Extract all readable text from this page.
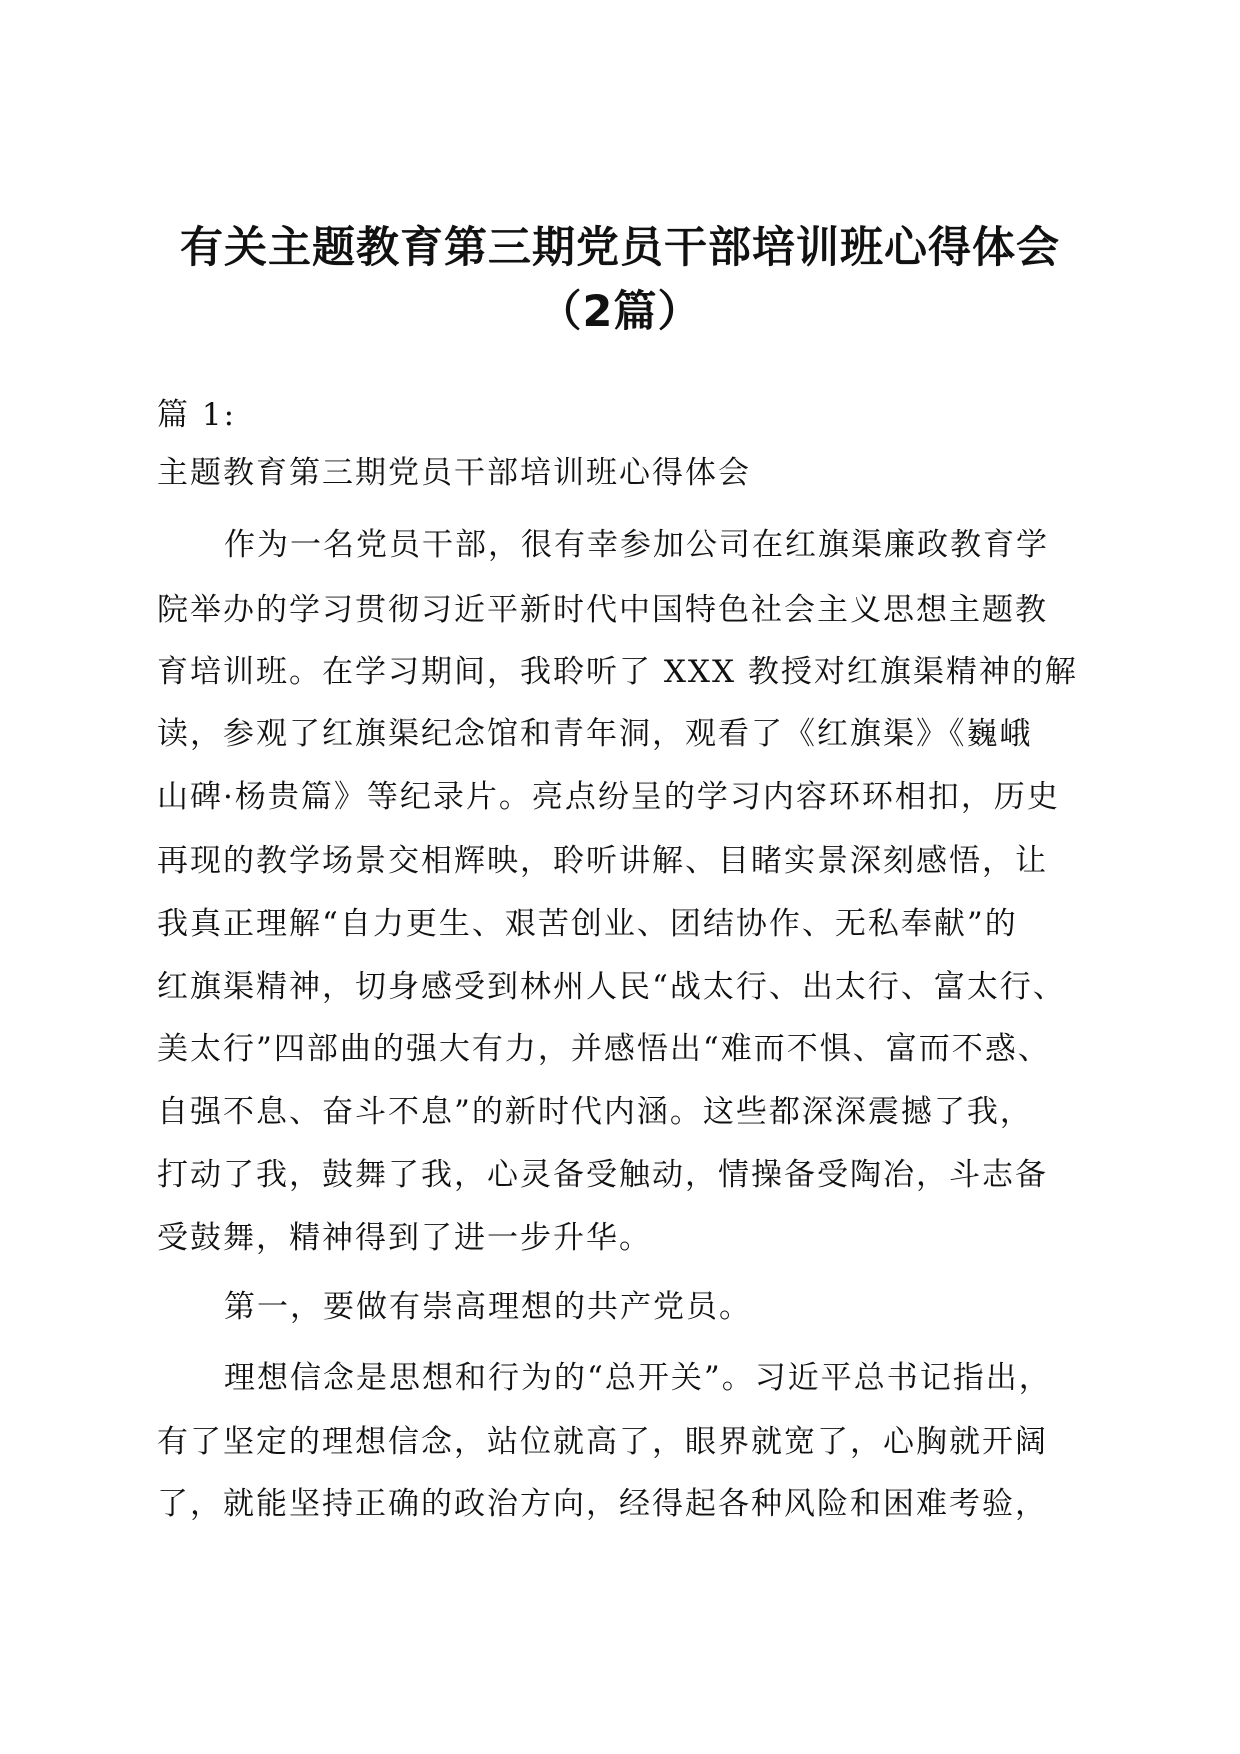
有关主题教育第三期党员干部培训班心得体会
（2篇）
篇 1:
主题教育第三期党员干部培训班心得体会
作为一名党员干部，很有幸参加公司在红旗渠廉政教育学
院举办的学习贯彻习近平新时代中国特色社会主义思想主题教
育培训班。在学习期间，我聆听了 XXX 教授对红旗渠精神的解
读，参观了红旗渠纪念馆和青年洞，观看了《红旗渠》《巍峨
山碑·杨贵篇》等纪录片。亮点纷呈的学习内容环环相扣，历史
再现的教学场景交相辉映，聆听讲解、目睹实景深刻感悟，让
我真正理解“自力更生、艰苦创业、团结协作、无私奉献”的
红旗渠精神，切身感受到林州人民“战太行、出太行、富太行、
美太行”四部曲的强大有力，并感悟出“难而不惧、富而不惑、
自强不息、奋斗不息”的新时代内涵。这些都深深震撼了我，
打动了我，鼓舞了我，心灵备受触动，情操备受陶冶，斗志备
受鼓舞，精神得到了进一步升华。
第一，要做有崇高理想的共产党员。
理想信念是思想和行为的“总开关”。习近平总书记指出，
有了坚定的理想信念，站位就高了，眼界就宽了，心胸就开阔
了，就能坚持正确的政治方向，经得起各种风险和困难考验，
